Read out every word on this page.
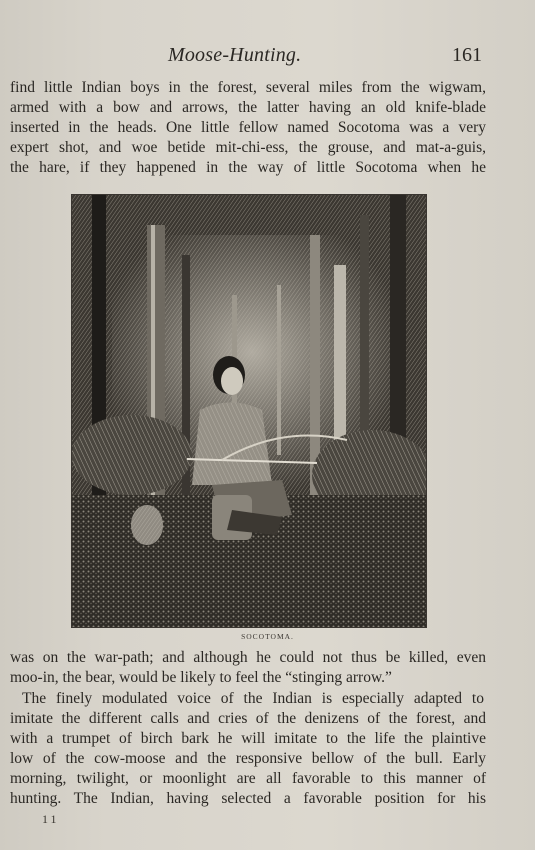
Moose-Hunting.	161
find little Indian boys in the forest, several miles from the wigwam,
armed with a bow and arrows, the latter having an old knife-blade
inserted in the heads. One little fellow named Socotoma was a very
expert shot, and woe betide mit-chi-ess, the grouse, and mat-a-guis,
the hare, if they happened in the way of little Socotoma when he
SOCOTOMA.
was on the war-path; and although he could not thus be killed, even
moo-in, the bear, would be likely to feel the “stinging arrow.”
The finely modulated voice of the Indian is especially adapted to
imitate the different calls and cries of the denizens of the forest, and
with a trumpet of birch bark he will imitate to the life the plaintive
low of the cow-moose and the responsive bellow of the bull. Early
morning, twilight, or moonlight are all favorable to this manner of
hunting. The Indian, having selected a favorable position for his
11
